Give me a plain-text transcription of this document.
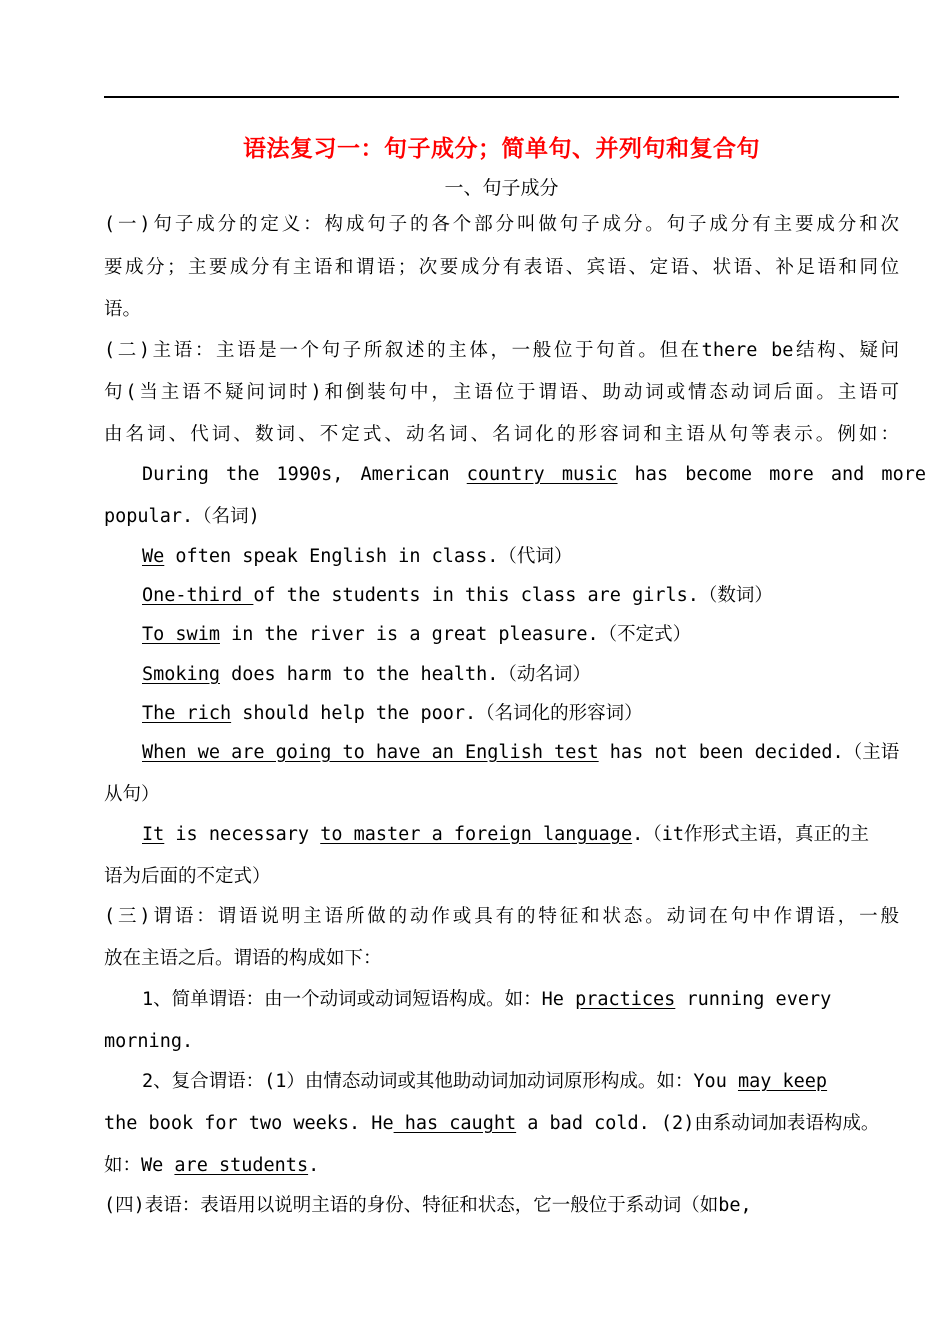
语法复习一：句子成分；简单句、并列句和复合句
一、句子成分
(一)句子成分的定义：构成句子的各个部分叫做句子成分。句子成分有主要成分和次
要成分；主要成分有主语和谓语；次要成分有表语、宾语、定语、状语、补足语和同位
语。
(二)主语：主语是一个句子所叙述的主体，一般位于句首。但在there be结构、疑问
句(当主语不疑问词时)和倒装句中，主语位于谓语、助动词或情态动词后面。主语可
由名词、代词、数词、不定式、动名词、名词化的形容词和主语从句等表示。例如：
During the 1990s, American country music has become more and more
popular.（名词)
We often speak English in class.（代词）
One-third of the students in this class are girls.（数词）
To swim in the river is a great pleasure.（不定式）
Smoking does harm to the health.（动名词）
The rich should help the poor.（名词化的形容词）
When we are going to have an English test has not been decided.（主语
从句）
It is necessary to master a foreign language.（it作形式主语，真正的主
语为后面的不定式）
(三)谓语：谓语说明主语所做的动作或具有的特征和状态。动词在句中作谓语，一般
放在主语之后。谓语的构成如下：
1、简单谓语：由一个动词或动词短语构成。如：He practices running every
morning.
2、复合谓语：(1）由情态动词或其他助动词加动词原形构成。如：You may keep
the book for two weeks. He has caught a bad cold. (2)由系动词加表语构成。
如：We are students.
(四)表语：表语用以说明主语的身份、特征和状态，它一般位于系动词（如be,
